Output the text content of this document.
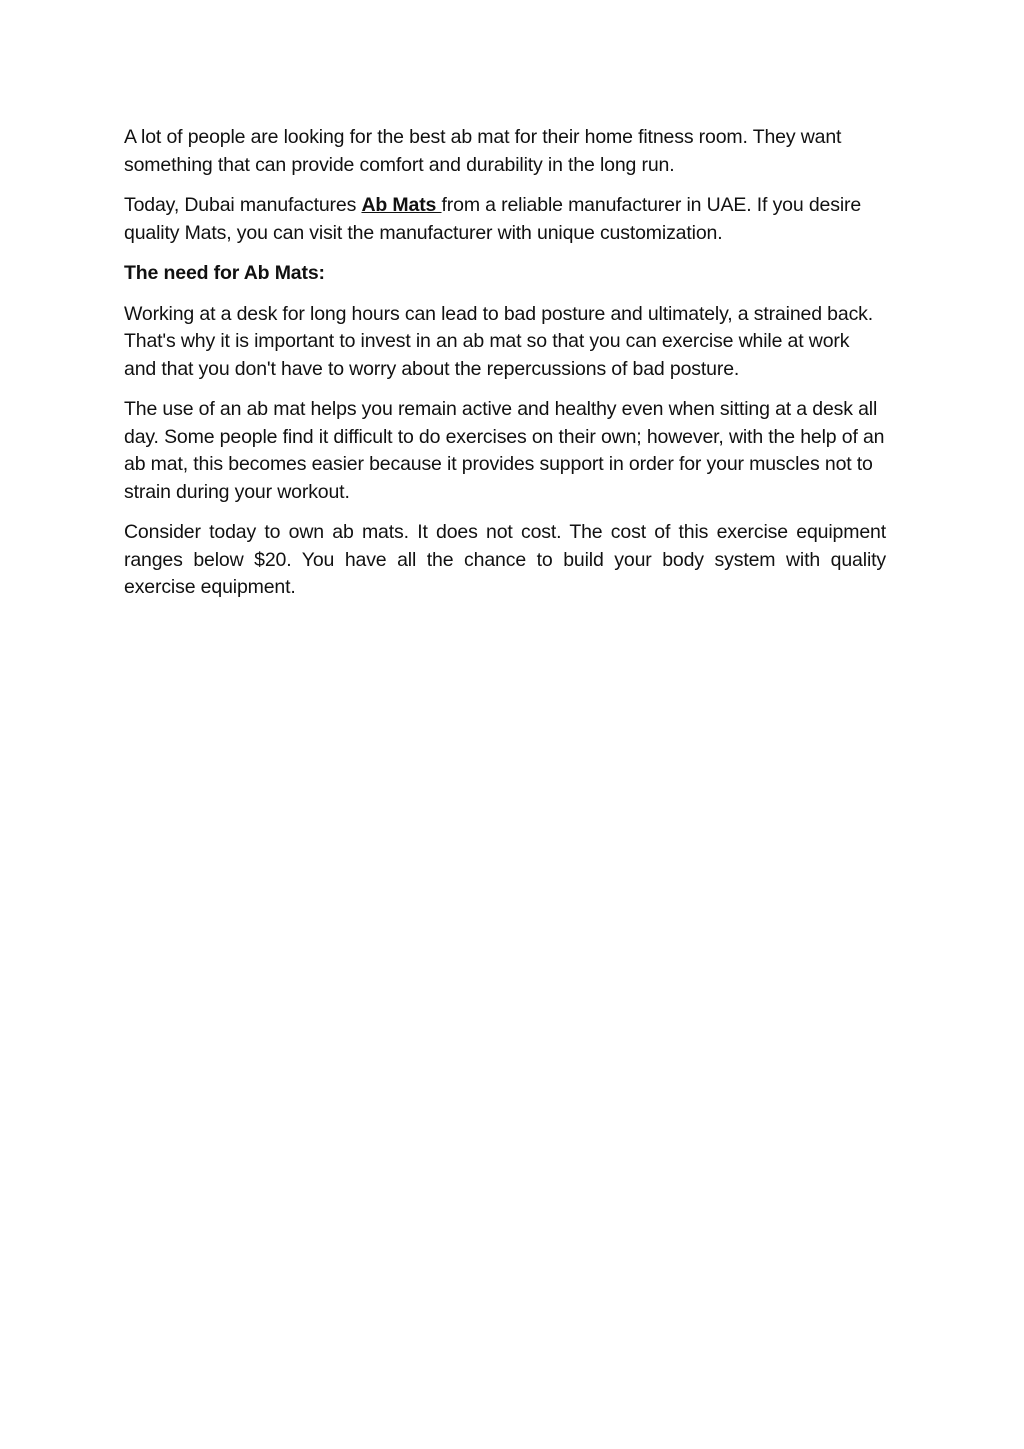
A lot of people are looking for the best ab mat for their home fitness room. They want something that can provide comfort and durability in the long run.

Today, Dubai manufactures Ab Mats from a reliable manufacturer in UAE. If you desire quality Mats, you can visit the manufacturer with unique customization.

The need for Ab Mats:

Working at a desk for long hours can lead to bad posture and ultimately, a strained back. That's why it is important to invest in an ab mat so that you can exercise while at work and that you don't have to worry about the repercussions of bad posture.

The use of an ab mat helps you remain active and healthy even when sitting at a desk all day. Some people find it difficult to do exercises on their own; however, with the help of an ab mat, this becomes easier because it provides support in order for your muscles not to strain during your workout.

Consider today to own ab mats. It does not cost. The cost of this exercise equipment ranges below $20. You have all the chance to build your body system with quality exercise equipment.
